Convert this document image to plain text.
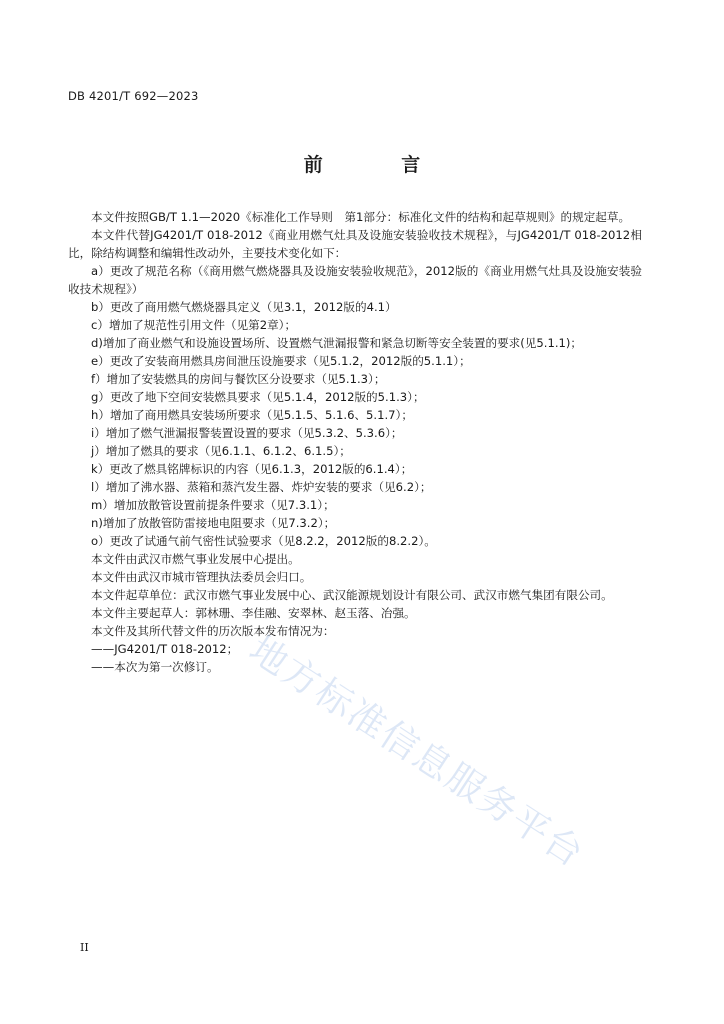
DB 4201/T 692—2023
前 言

本文件按照GB/T 1.1—2020《标准化工作导则　第1部分：标准化文件的结构和起草规则》的规定起草。

本文件代替JG4201/T 018-2012《商业用燃气灶具及设施安装验收技术规程》，与JG4201/T 018-2012相比，除结构调整和编辑性改动外，主要技术变化如下：

a）更改了规范名称（《商用燃气燃烧器具及设施安装验收规范》，2012版的《商业用燃气灶具及设施安装验收技术规程》）

b）更改了商用燃气燃烧器具定义（见3.1，2012版的4.1）

c）增加了规范性引用文件（见第2章）；

d)增加了商业燃气和设施设置场所、设置燃气泄漏报警和紧急切断等安全装置的要求(见5.1.1)；

e）更改了安装商用燃具房间泄压设施要求（见5.1.2，2012版的5.1.1）；

f）增加了安装燃具的房间与餐饮区分设要求（见5.1.3）；

g）更改了地下空间安装燃具要求（见5.1.4，2012版的5.1.3）；

h）增加了商用燃具安装场所要求（见5.1.5、5.1.6、5.1.7）；

i）增加了燃气泄漏报警装置设置的要求（见5.3.2、5.3.6）；

j）增加了燃具的要求（见6.1.1、6.1.2、6.1.5）；

k）更改了燃具铭牌标识的内容（见6.1.3，2012版的6.1.4）；

l）增加了沸水器、蒸箱和蒸汽发生器、炸炉安装的要求（见6.2）；

m）增加放散管设置前提条件要求（见7.3.1）；

n)增加了放散管防雷接地电阻要求（见7.3.2）；

o）更改了试通气前气密性试验要求（见8.2.2，2012版的8.2.2）。

本文件由武汉市燃气事业发展中心提出。

本文件由武汉市城市管理执法委员会归口。

本文件起草单位：武汉市燃气事业发展中心、武汉能源规划设计有限公司、武汉市燃气集团有限公司。

本文件主要起草人：郭林珊、李佳融、安翠林、赵玉落、冶强。

本文件及其所代替文件的历次版本发布情况为：

——JG4201/T 018-2012；

——本次为第一次修订。 地方标准信息服务平台
II
